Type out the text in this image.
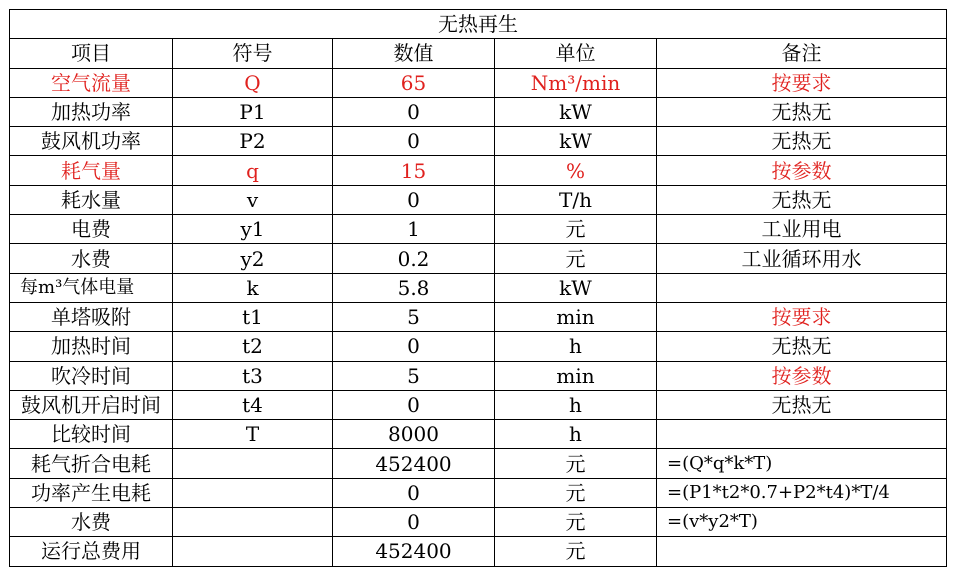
无热再生				
项目	符号	数值	单位	备注
空气流量	Q	65	Nm³/min	按要求
加热功率	P1	0	kW	无热无
鼓风机功率	P2	0	kW	无热无
耗气量	q	15	%	按参数
耗水量	v	0	T/h	无热无
电费	y1	1	元	工业用电
水费	y2	0.2	元	工业循环用水
每m³气体电量	k	5.8	kW	
单塔吸附	t1	5	min	按要求
加热时间	t2	0	h	无热无
吹冷时间	t3	5	min	按参数
鼓风机开启时间	t4	0	h	无热无
比较时间	T	8000	h	
耗气折合电耗		452400	元	=(Q*q*k*T)
功率产生电耗		0	元	=(P1*t2*0.7+P2*t4)*T/4
水费		0	元	=(v*y2*T)
运行总费用		452400	元	
